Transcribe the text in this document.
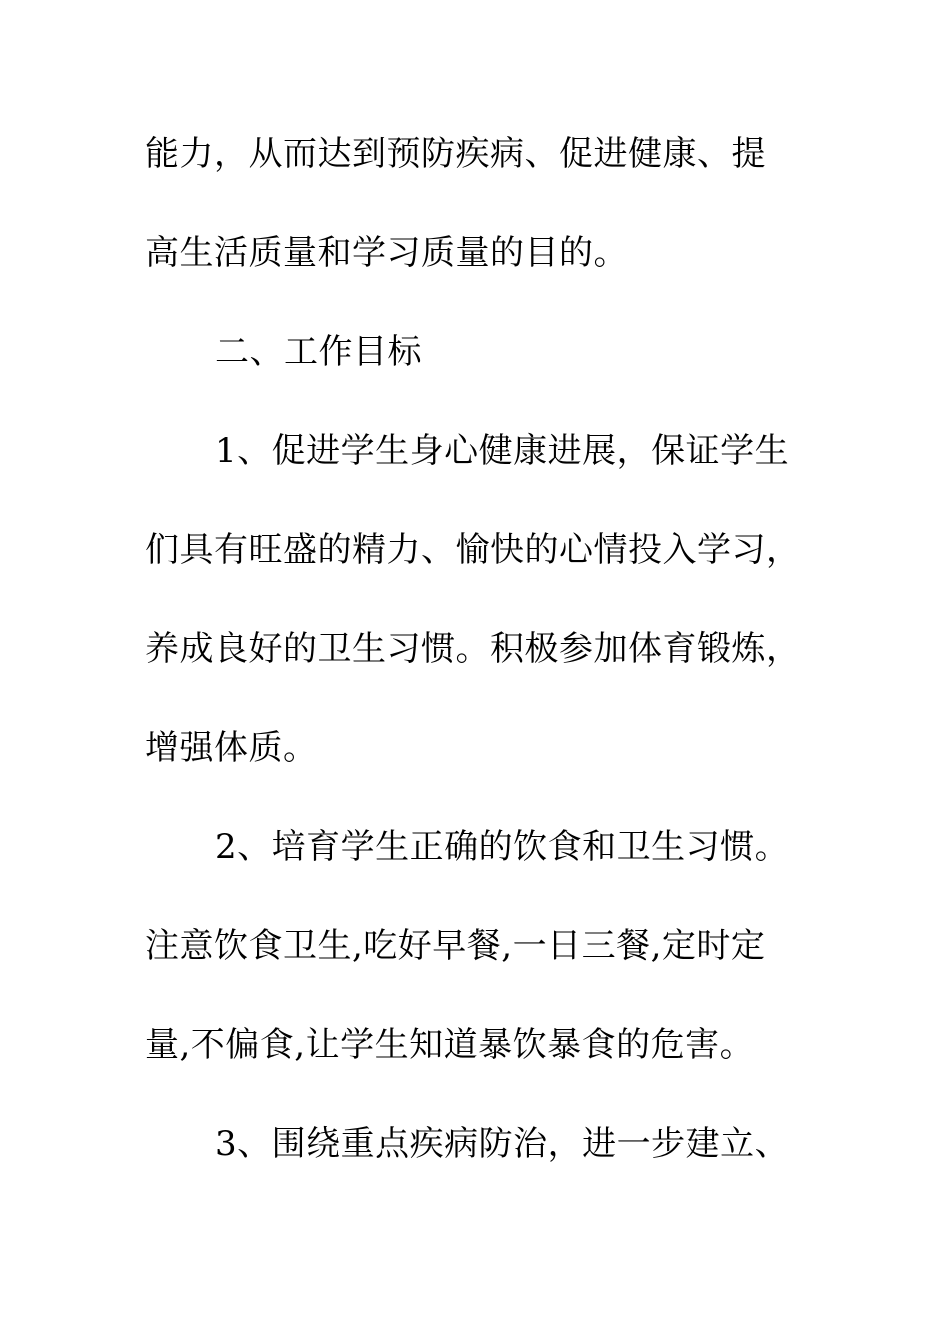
能力，从而达到预防疾病、促进健康、提
高生活质量和学习质量的目的。
二、工作目标
1、促进学生身心健康进展，保证学生
们具有旺盛的精力、愉快的心情投入学习，
养成良好的卫生习惯。积极参加体育锻炼，
增强体质。
2、培育学生正确的饮食和卫生习惯。
注意饮食卫生,吃好早餐,一日三餐,定时定
量,不偏食,让学生知道暴饮暴食的危害。
3、围绕重点疾病防治，进一步建立、
